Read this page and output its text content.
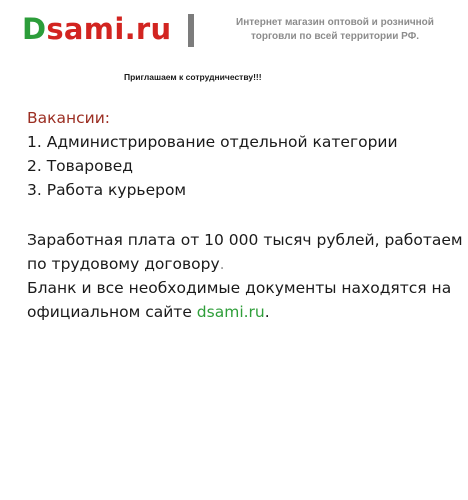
Dsami.ru	Интернет магазин оптовой и розничной
торговли по всей территории РФ.
Приглашаем к сотрудничеству!!!
Вакансии:
1. Администрирование отдельной категории
2. Товаровед
3. Работа курьером
Заработная плата от 10 000 тысяч рублей, работаем
по трудовому договору.
Бланк и все необходимые документы находятся на
официальном сайте dsami.ru.
